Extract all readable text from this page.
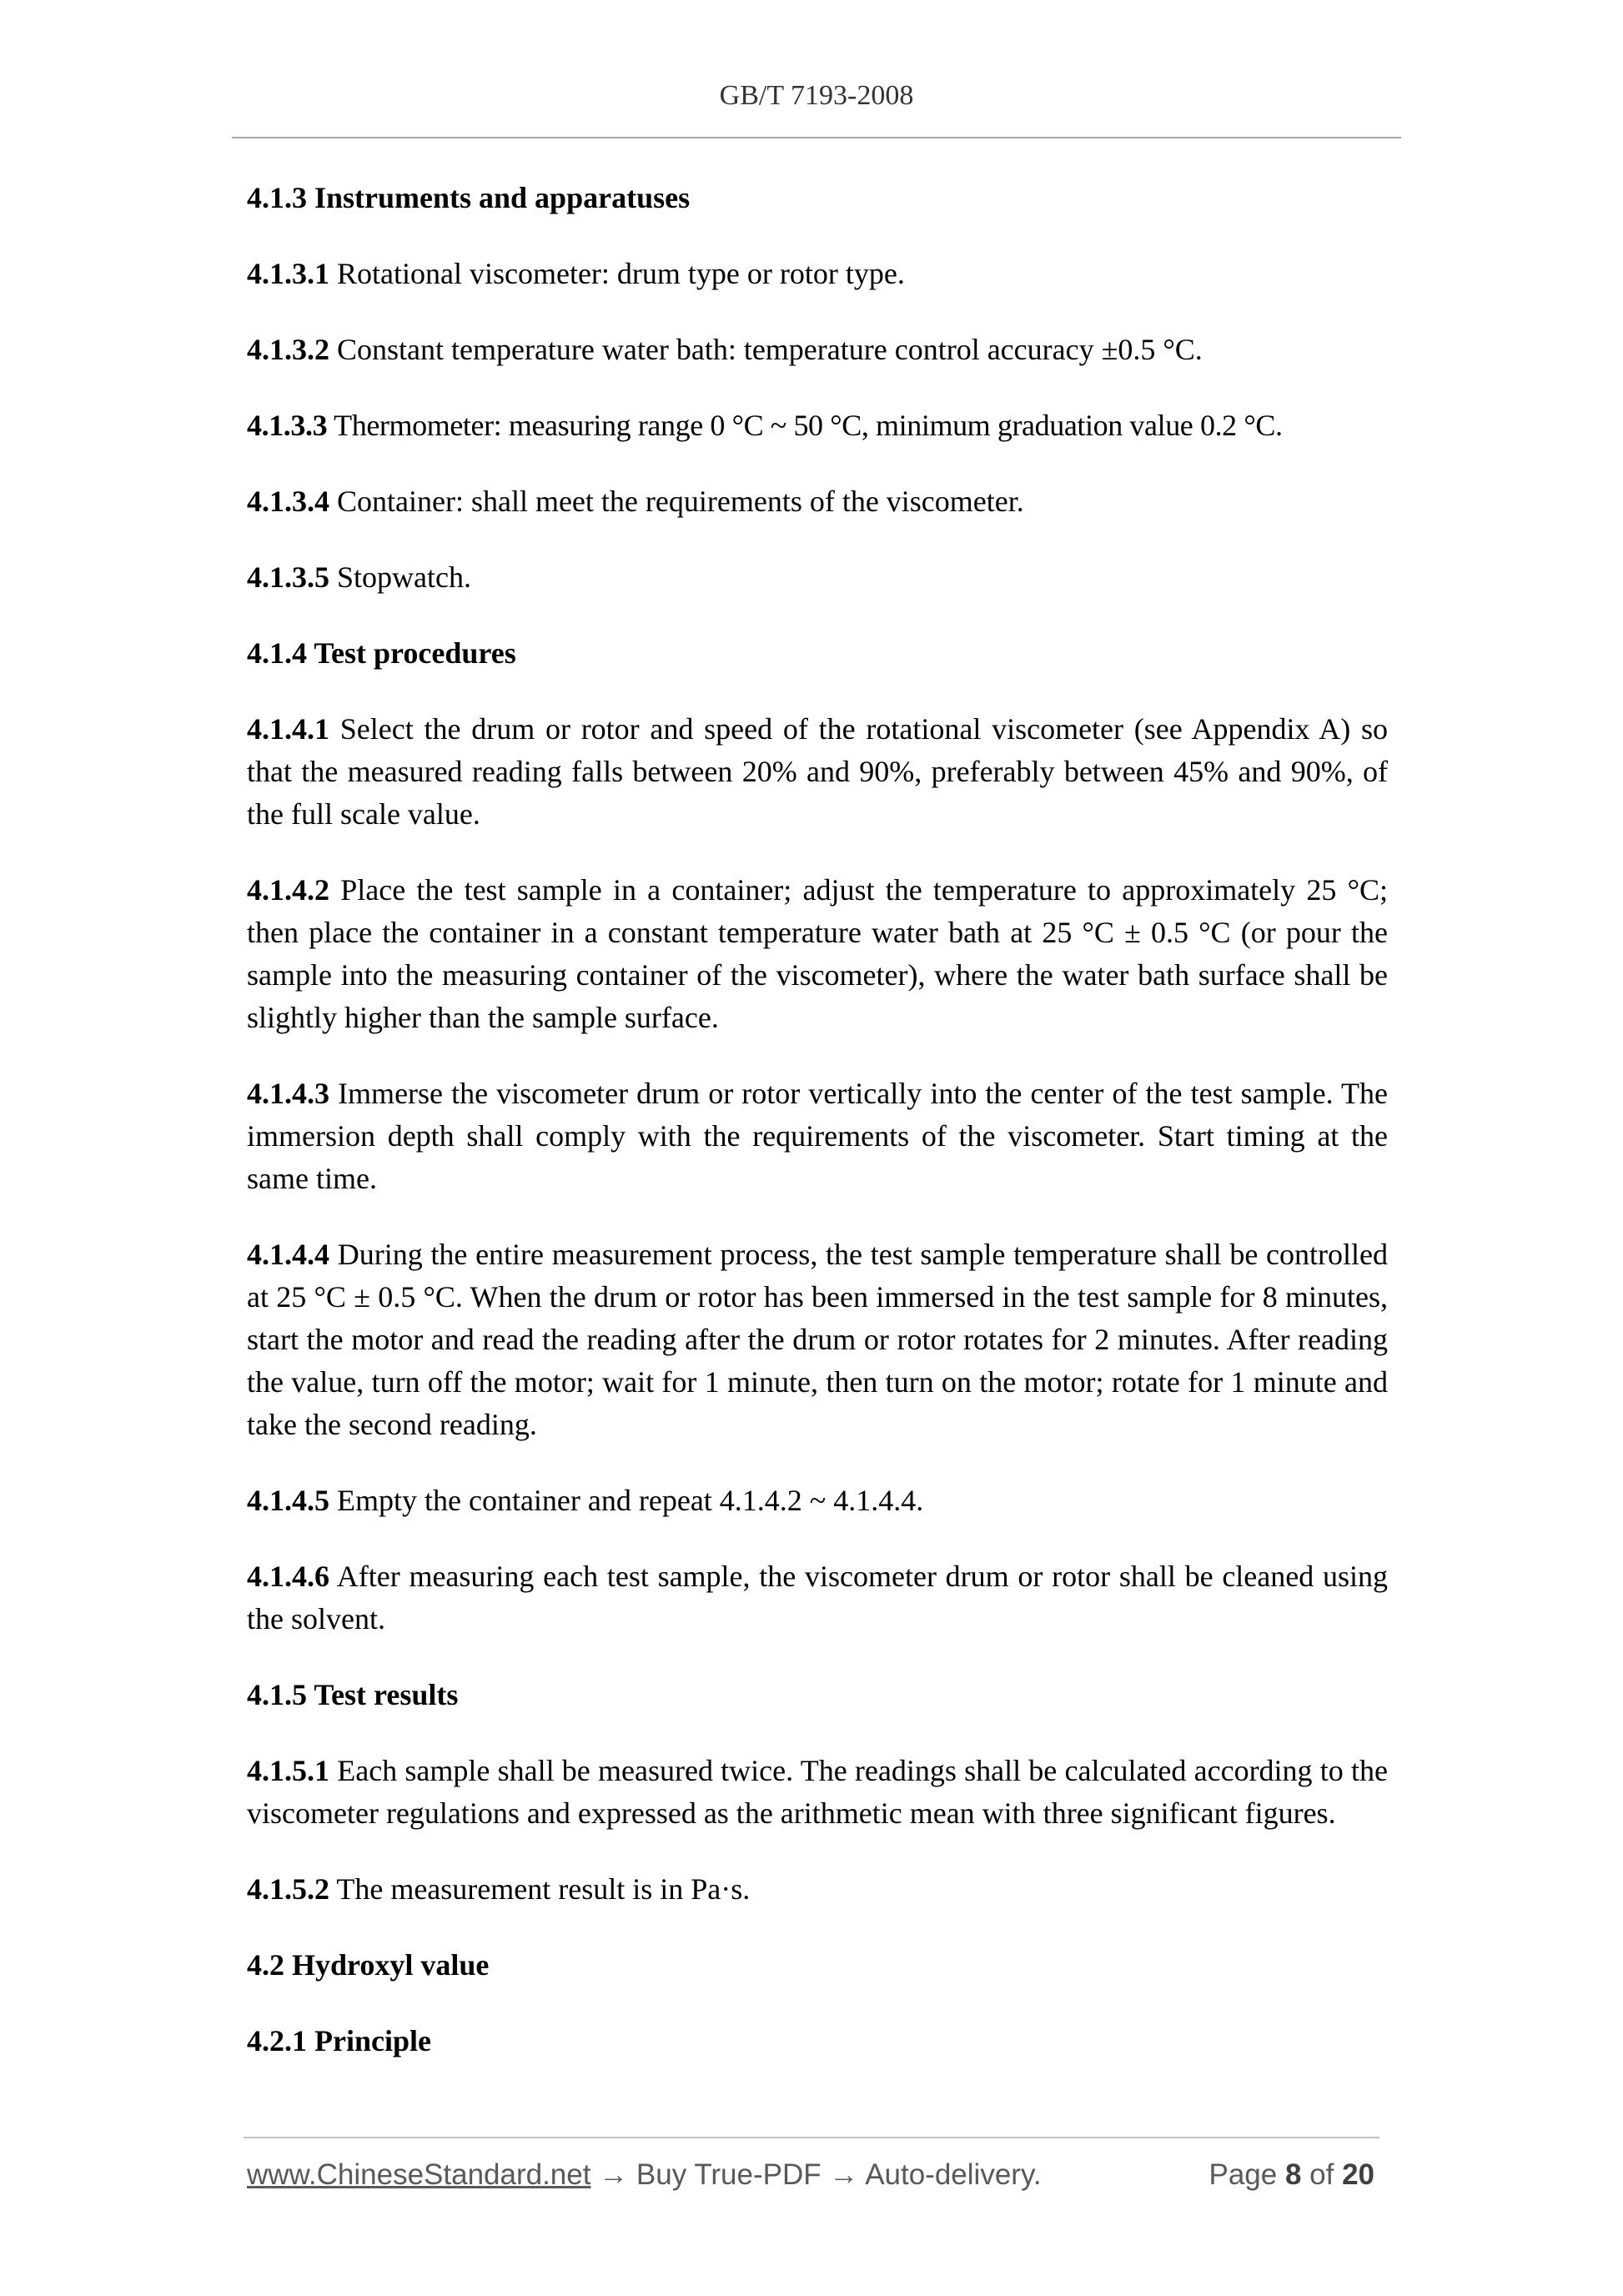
GB/T 7193-2008

4.1.3 Instruments and apparatuses

4.1.3.1 Rotational viscometer: drum type or rotor type.

4.1.3.2 Constant temperature water bath: temperature control accuracy ±0.5 °C.

4.1.3.3 Thermometer: measuring range 0 °C ~ 50 °C, minimum graduation value 0.2 °C.

4.1.3.4 Container: shall meet the requirements of the viscometer.

4.1.3.5 Stopwatch.

4.1.4 Test procedures

4.1.4.1 Select the drum or rotor and speed of the rotational viscometer (see Appendix A) so that the measured reading falls between 20% and 90%, preferably between 45% and 90%, of the full scale value.

4.1.4.2 Place the test sample in a container; adjust the temperature to approximately 25 °C; then place the container in a constant temperature water bath at 25 °C ± 0.5 °C (or pour the sample into the measuring container of the viscometer), where the water bath surface shall be slightly higher than the sample surface.

4.1.4.3 Immerse the viscometer drum or rotor vertically into the center of the test sample. The immersion depth shall comply with the requirements of the viscometer. Start timing at the same time.

4.1.4.4 During the entire measurement process, the test sample temperature shall be controlled at 25 °C ± 0.5 °C. When the drum or rotor has been immersed in the test sample for 8 minutes, start the motor and read the reading after the drum or rotor rotates for 2 minutes. After reading the value, turn off the motor; wait for 1 minute, then turn on the motor; rotate for 1 minute and take the second reading.

4.1.4.5 Empty the container and repeat 4.1.4.2 ~ 4.1.4.4.

4.1.4.6 After measuring each test sample, the viscometer drum or rotor shall be cleaned using the solvent.

4.1.5 Test results

4.1.5.1 Each sample shall be measured twice. The readings shall be calculated according to the viscometer regulations and expressed as the arithmetic mean with three significant figures.

4.1.5.2 The measurement result is in Pa·s.

4.2 Hydroxyl value

4.2.1 Principle

www.ChineseStandard.net → Buy True-PDF → Auto-delivery.	Page 8 of 20
